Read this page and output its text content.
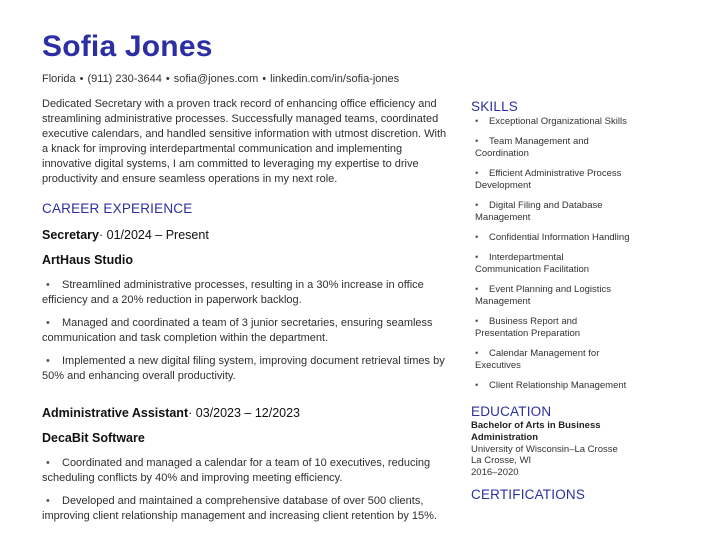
Sofia Jones
Florida • (911) 230-3644 • sofia@jones.com • linkedin.com/in/sofia-jones

Dedicated Secretary with a proven track record of enhancing office efficiency and streamlining administrative processes. Successfully managed teams, coordinated executive calendars, and handled sensitive information with utmost discretion. With a knack for improving interdepartmental communication and implementing innovative digital systems, I am committed to leveraging my expertise to drive productivity and ensure seamless operations in my next role.

CAREER EXPERIENCE
Secretary· 01/2024 – Present
ArtHaus Studio
• Streamlined administrative processes, resulting in a 30% increase in office efficiency and a 20% reduction in paperwork backlog.
• Managed and coordinated a team of 3 junior secretaries, ensuring seamless communication and task completion within the department.
• Implemented a new digital filing system, improving document retrieval times by 50% and enhancing overall productivity.
Administrative Assistant· 03/2023 – 12/2023
DecaBit Software
• Coordinated and managed a calendar for a team of 10 executives, reducing scheduling conflicts by 40% and improving meeting efficiency.
• Developed and maintained a comprehensive database of over 500 clients, improving client relationship management and increasing client retention by 15%.
SKILLS
• Exceptional Organizational Skills
• Team Management and Coordination
• Efficient Administrative Process Development
• Digital Filing and Database Management
• Confidential Information Handling
• Interdepartmental Communication Facilitation
• Event Planning and Logistics Management
• Business Report and Presentation Preparation
• Calendar Management for Executives
• Client Relationship Management
EDUCATION
Bachelor of Arts in Business Administration
University of Wisconsin–La Crosse
La Crosse, WI
2016–2020
CERTIFICATIONS
